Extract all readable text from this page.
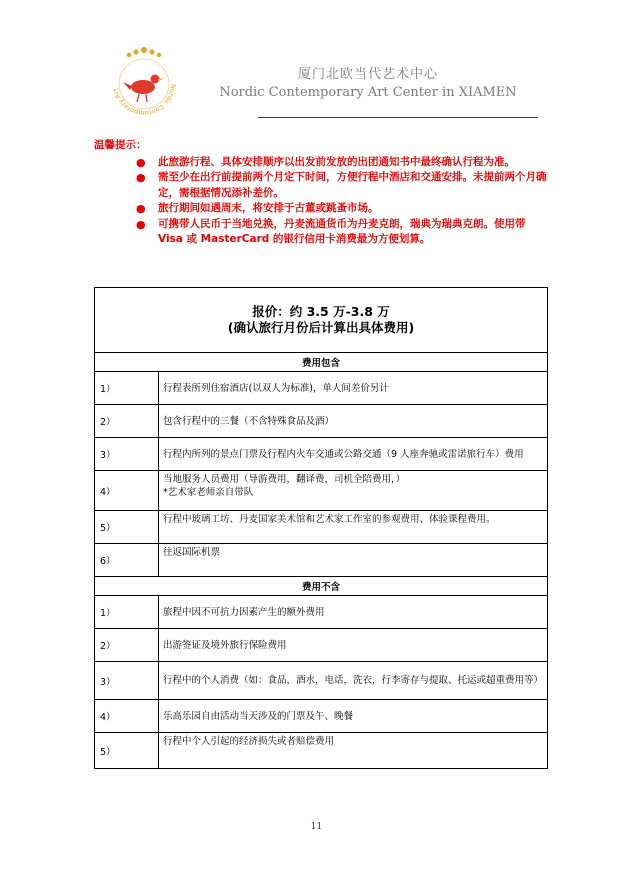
Nordic Contemporary Art
厦门北欧当代艺术中心
Nordic Contemporary Art Center in XIAMEN
温馨提示：
● 此旅游行程、具体安排顺序以出发前发放的出团通知书中最终确认行程为准。
● 需至少在出行前提前两个月定下时间，方便行程中酒店和交通安排。未提前两个月确定，需根据情况添补差价。
● 旅行期间如遇周末，将安排于古董或跳蚤市场。
● 可携带人民币于当地兑换，丹麦流通货币为丹麦克朗，瑞典为瑞典克朗。使用带 Visa 或 MasterCard 的银行信用卡消费最为方便划算。
报价：约 3.5 万-3.8 万
(确认旅行月份后计算出具体费用)	

费用包含	
1）	行程表所列住宿酒店(以双人为标准)，单人间差价另计
2）	包含行程中的三餐（不含特殊食品及酒）
3）	行程内所列的景点门票及行程内火车交通或公路交通（9 人座奔驰或雷诺旅行车）费用
4）	当地服务人员费用（导游费用，翻译费，司机全陪费用，）
*艺术家老师亲自带队

5）	行程中玻璃工坊、丹麦国家美术馆和艺术家工作室的参观费用、体验课程费用。
6）	往返国际机票
费用不含	
1）	旅程中因不可抗力因素产生的额外费用
2）	出游签证及境外旅行保险费用
3）	行程中的个人消费（如：食品，酒水，电话，洗衣，行李寄存与提取、托运或超重费用等）
4）	乐高乐园自由活动当天涉及的门票及午、晚餐
5）	行程中个人引起的经济损失或者赔偿费用
11
